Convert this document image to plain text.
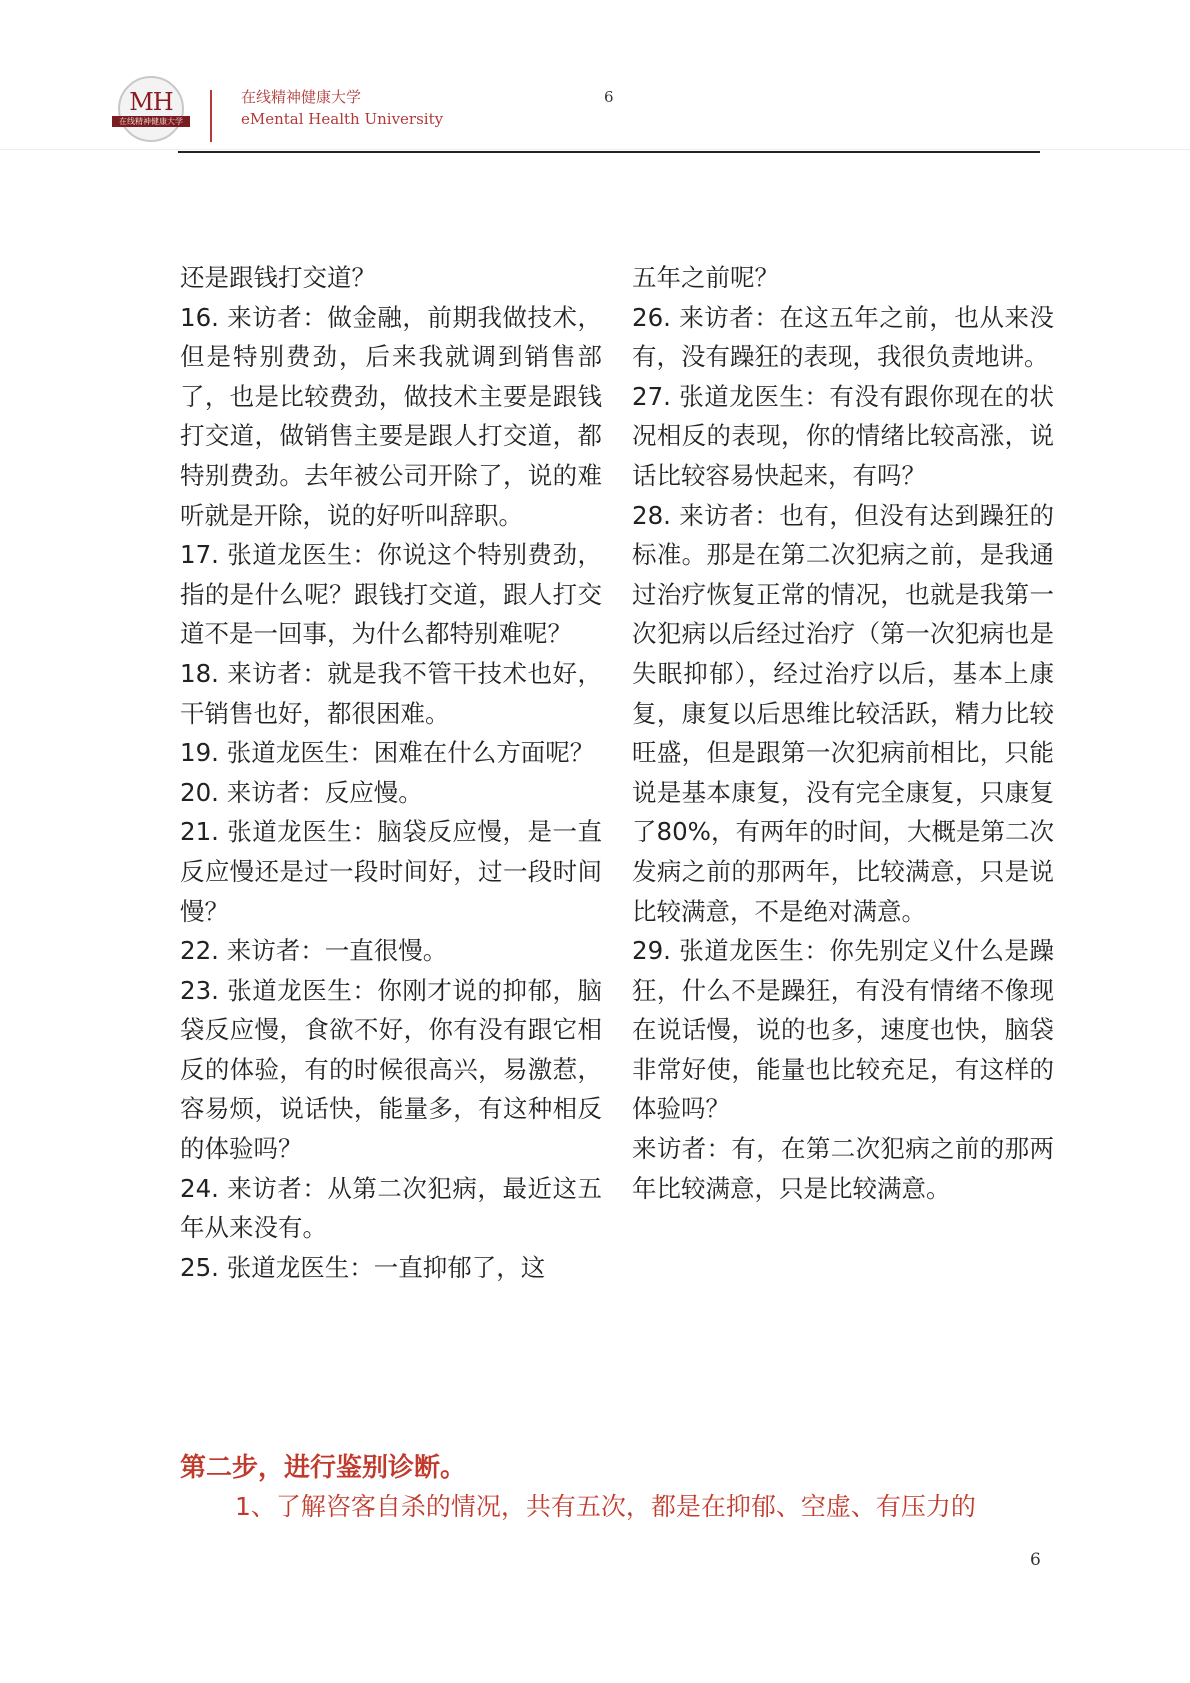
MH
在线精神健康大学
在线精神健康大学
eMental Health University
6

还是跟钱打交道？

16. 来访者：做金融，前期我做技术，但是特别费劲，后来我就调到销售部了，也是比较费劲，做技术主要是跟钱打交道，做销售主要是跟人打交道，都特别费劲。去年被公司开除了，说的难听就是开除，说的好听叫辞职。

17. 张道龙医生：你说这个特别费劲，指的是什么呢？跟钱打交道，跟人打交道不是一回事，为什么都特别难呢？

18. 来访者：就是我不管干技术也好，干销售也好，都很困难。

19. 张道龙医生：困难在什么方面呢？

20. 来访者：反应慢。

21. 张道龙医生：脑袋反应慢，是一直反应慢还是过一段时间好，过一段时间慢？

22. 来访者：一直很慢。

23. 张道龙医生：你刚才说的抑郁，脑袋反应慢，食欲不好，你有没有跟它相反的体验，有的时候很高兴，易激惹，容易烦，说话快，能量多，有这种相反的体验吗？

24. 来访者：从第二次犯病，最近这五年从来没有。

25. 张道龙医生：一直抑郁了，这

五年之前呢？

26. 来访者：在这五年之前，也从来没有，没有躁狂的表现，我很负责地讲。

27. 张道龙医生：有没有跟你现在的状况相反的表现，你的情绪比较高涨，说话比较容易快起来，有吗？

28. 来访者：也有，但没有达到躁狂的标准。那是在第二次犯病之前，是我通过治疗恢复正常的情况，也就是我第一次犯病以后经过治疗（第一次犯病也是失眠抑郁），经过治疗以后，基本上康复，康复以后思维比较活跃，精力比较旺盛，但是跟第一次犯病前相比，只能说是基本康复，没有完全康复，只康复了80%，有两年的时间，大概是第二次发病之前的那两年，比较满意，只是说比较满意，不是绝对满意。

29. 张道龙医生：你先别定义什么是躁狂，什么不是躁狂，有没有情绪不像现在说话慢，说的也多，速度也快，脑袋非常好使，能量也比较充足，有这样的体验吗？

来访者：有，在第二次犯病之前的那两年比较满意，只是比较满意。

第二步，进行鉴别诊断。
1、了解咨客自杀的情况，共有五次，都是在抑郁、空虚、有压力的
6
